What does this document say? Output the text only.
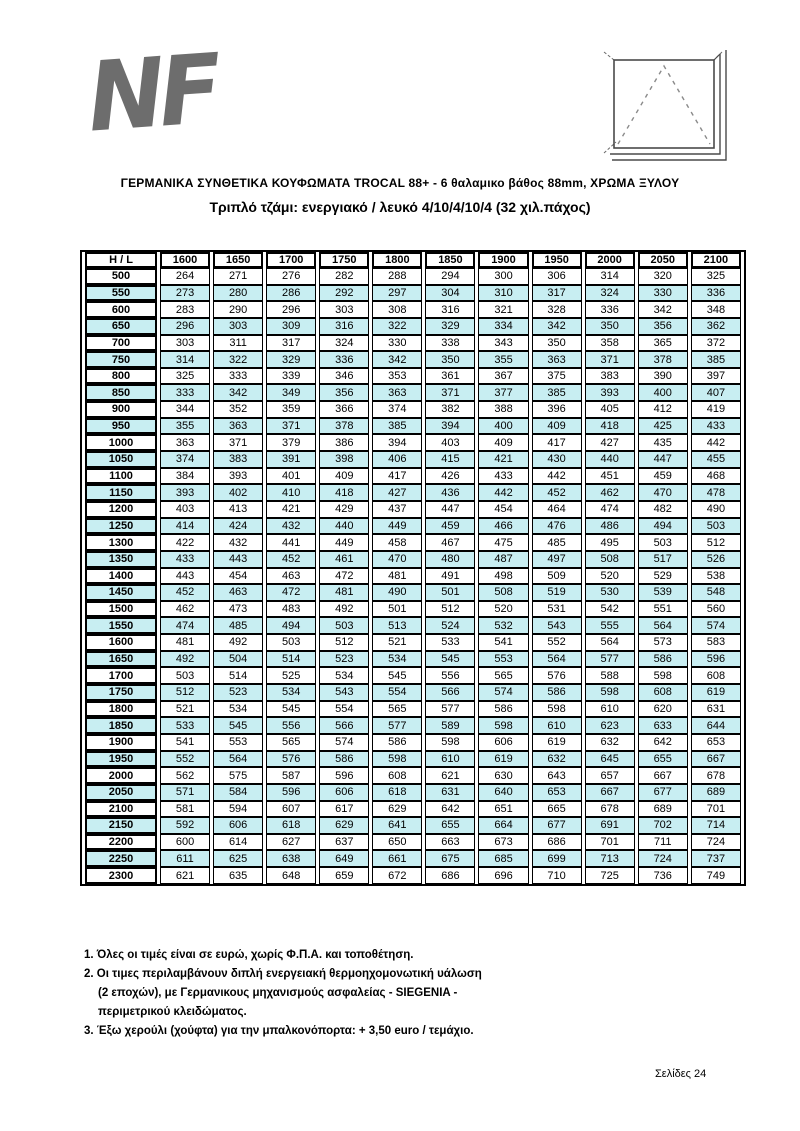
NF
ΓΕΡΜΑΝΙΚΑ ΣΥΝΘΕΤΙΚΑ ΚΟΥΦΩΜΑΤΑ TROCAL 88+ - 6 θαλαμικο βάθος 88mm, ΧΡΩΜΑ ΞΥΛΟΥ
Τριπλό τζάμι: ενεργιακό / λευκό 4/10/4/10/4 (32 χιλ.πάχος)
H / L	1600	1650	1700	1750	1800	1850	1900	1950	2000	2050	2100
500	264	271	276	282	288	294	300	306	314	320	325
550	273	280	286	292	297	304	310	317	324	330	336
600	283	290	296	303	308	316	321	328	336	342	348
650	296	303	309	316	322	329	334	342	350	356	362
700	303	311	317	324	330	338	343	350	358	365	372
750	314	322	329	336	342	350	355	363	371	378	385
800	325	333	339	346	353	361	367	375	383	390	397
850	333	342	349	356	363	371	377	385	393	400	407
900	344	352	359	366	374	382	388	396	405	412	419
950	355	363	371	378	385	394	400	409	418	425	433
1000	363	371	379	386	394	403	409	417	427	435	442
1050	374	383	391	398	406	415	421	430	440	447	455
1100	384	393	401	409	417	426	433	442	451	459	468
1150	393	402	410	418	427	436	442	452	462	470	478
1200	403	413	421	429	437	447	454	464	474	482	490
1250	414	424	432	440	449	459	466	476	486	494	503
1300	422	432	441	449	458	467	475	485	495	503	512
1350	433	443	452	461	470	480	487	497	508	517	526
1400	443	454	463	472	481	491	498	509	520	529	538
1450	452	463	472	481	490	501	508	519	530	539	548
1500	462	473	483	492	501	512	520	531	542	551	560
1550	474	485	494	503	513	524	532	543	555	564	574
1600	481	492	503	512	521	533	541	552	564	573	583
1650	492	504	514	523	534	545	553	564	577	586	596
1700	503	514	525	534	545	556	565	576	588	598	608
1750	512	523	534	543	554	566	574	586	598	608	619
1800	521	534	545	554	565	577	586	598	610	620	631
1850	533	545	556	566	577	589	598	610	623	633	644
1900	541	553	565	574	586	598	606	619	632	642	653
1950	552	564	576	586	598	610	619	632	645	655	667
2000	562	575	587	596	608	621	630	643	657	667	678
2050	571	584	596	606	618	631	640	653	667	677	689
2100	581	594	607	617	629	642	651	665	678	689	701
2150	592	606	618	629	641	655	664	677	691	702	714
2200	600	614	627	637	650	663	673	686	701	711	724
2250	611	625	638	649	661	675	685	699	713	724	737
2300	621	635	648	659	672	686	696	710	725	736	749
1. Όλες οι τιμές είναι σε ευρώ, χωρίς Φ.Π.Α. και τοποθέτηση.
2. Οι τιμες περιλαμβάνουν διπλή ενεργειακή θερμοηχομονωτική υάλωση
(2 εποχών), με Γερμανικους μηχανισμούς ασφαλείας - SIEGENIA -
περιμετρικού κλειδώματος.
3. Έξω χερούλι (χούφτα) για την μπαλκονόπορτα: + 3,50 euro / τεμάχιο.
Σελίδες 24
